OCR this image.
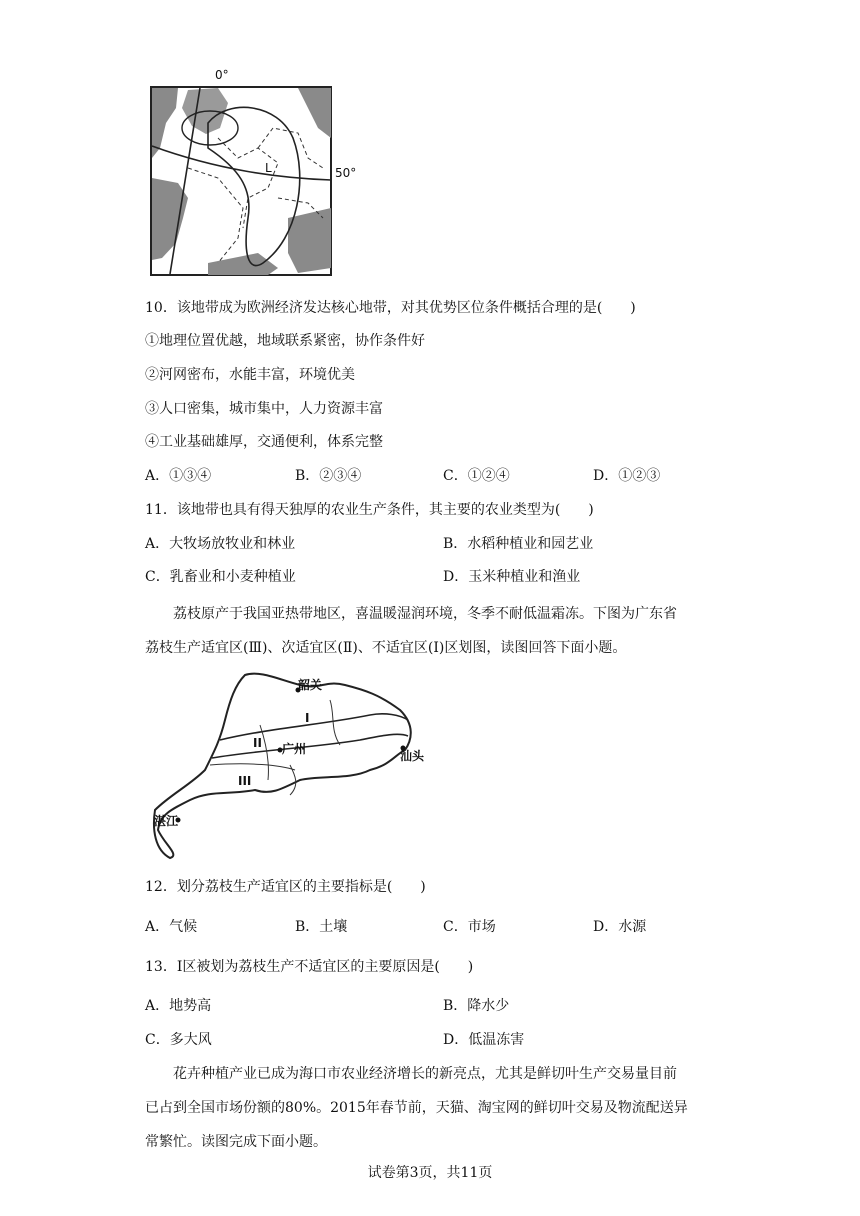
0°
50°
L
10．该地带成为欧洲经济发达核心地带，对其优势区位条件概括合理的是(　　)
①地理位置优越，地域联系紧密，协作条件好
②河网密布，水能丰富，环境优美
③人口密集，城市集中，人力资源丰富
④工业基础雄厚，交通便利，体系完整
A．①③④	B．②③④	C．①②④	D．①②③
11．该地带也具有得天独厚的农业生产条件，其主要的农业类型为(　　)
A．大牧场放牧业和林业	B．水稻种植业和园艺业
C．乳畜业和小麦种植业	D．玉米种植业和渔业
荔枝原产于我国亚热带地区，喜温暖湿润环境，冬季不耐低温霜冻。下图为广东省
荔枝生产适宜区(Ⅲ)、次适宜区(Ⅱ)、不适宜区(Ⅰ)区划图，读图回答下面小题。
韶关
广州	汕头
湛江
I
II
III
12．划分荔枝生产适宜区的主要指标是(　　)
A．气候	B．土壤	C．市场	D．水源
13．I区被划为荔枝生产不适宜区的主要原因是(　　)
A．地势高	B．降水少
C．多大风	D．低温冻害
花卉种植产业已成为海口市农业经济增长的新亮点，尤其是鲜切叶生产交易量目前
已占到全国市场份额的80%。2015年春节前，天猫、淘宝网的鲜切叶交易及物流配送异
常繁忙。读图完成下面小题。
试卷第3页，共11页
